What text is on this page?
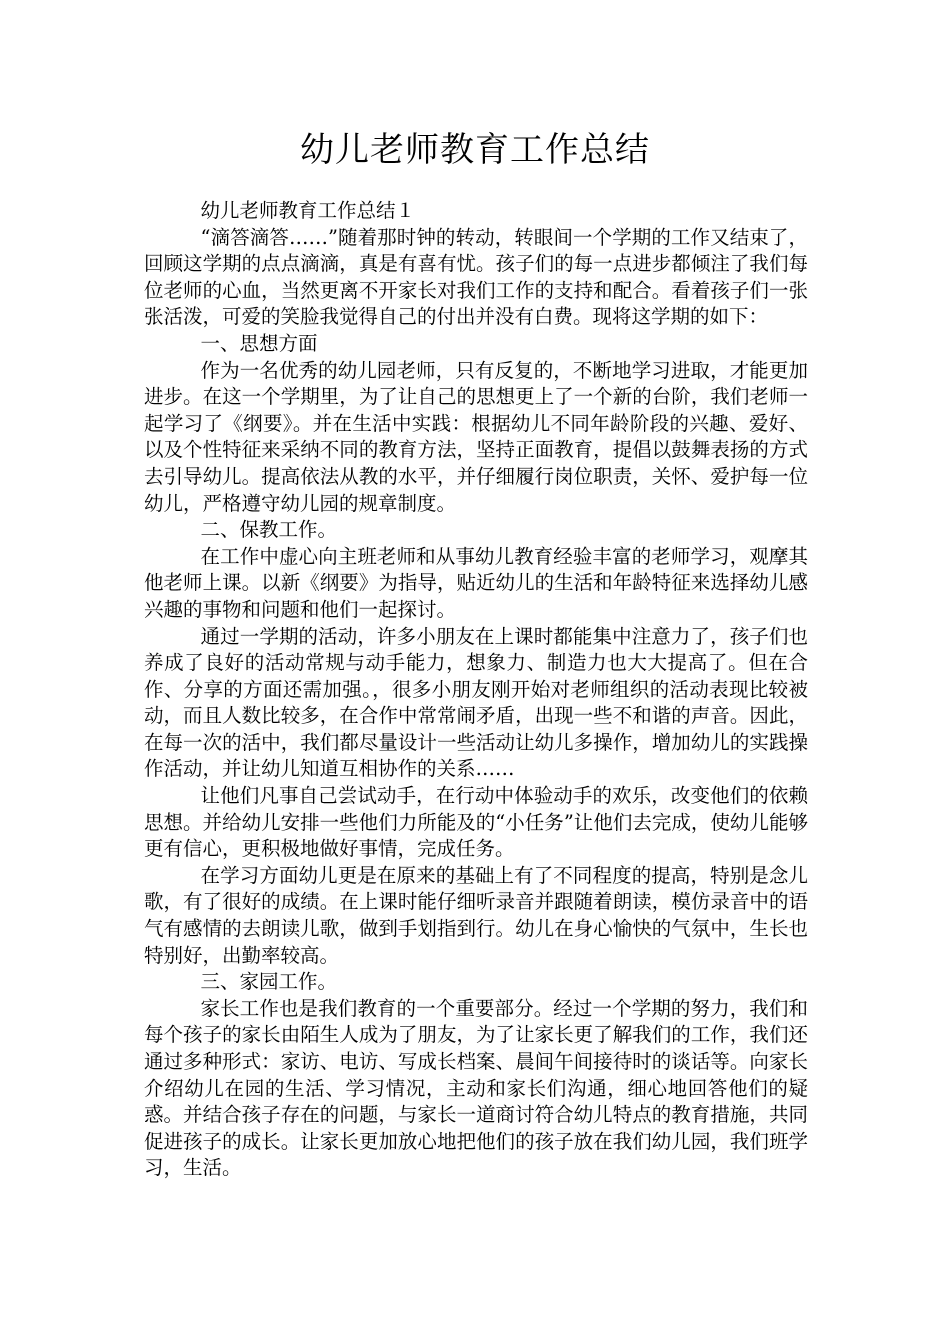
幼儿老师教育工作总结

幼儿老师教育工作总结１

“滴答滴答……”随着那时钟的转动，转眼间一个学期的工作又结束了，回顾这学期的点点滴滴，真是有喜有忧。孩子们的每一点进步都倾注了我们每位老师的心血，当然更离不开家长对我们工作的支持和配合。看着孩子们一张张活泼，可爱的笑脸我觉得自己的付出并没有白费。现将这学期的如下：

一、思想方面

作为一名优秀的幼儿园老师，只有反复的，不断地学习进取，才能更加进步。在这一个学期里，为了让自己的思想更上了一个新的台阶，我们老师一起学习了《纲要》。并在生活中实践：根据幼儿不同年龄阶段的兴趣、爱好、以及个性特征来采纳不同的教育方法，坚持正面教育，提倡以鼓舞表扬的方式去引导幼儿。提高依法从教的水平，并仔细履行岗位职责，关怀、爱护每一位幼儿，严格遵守幼儿园的规章制度。

二、保教工作。

在工作中虚心向主班老师和从事幼儿教育经验丰富的老师学习，观摩其他老师上课。以新《纲要》为指导，贴近幼儿的生活和年龄特征来选择幼儿感兴趣的事物和问题和他们一起探讨。

通过一学期的活动，许多小朋友在上课时都能集中注意力了，孩子们也养成了良好的活动常规与动手能力，想象力、制造力也大大提高了。但在合作、分享的方面还需加强。，很多小朋友刚开始对老师组织的活动表现比较被动，而且人数比较多，在合作中常常闹矛盾，出现一些不和谐的声音。因此，在每一次的活中，我们都尽量设计一些活动让幼儿多操作，增加幼儿的实践操作活动，并让幼儿知道互相协作的关系……

让他们凡事自己尝试动手，在行动中体验动手的欢乐，改变他们的依赖思想。并给幼儿安排一些他们力所能及的“小任务”让他们去完成，使幼儿能够更有信心，更积极地做好事情，完成任务。

在学习方面幼儿更是在原来的基础上有了不同程度的提高，特别是念儿歌，有了很好的成绩。在上课时能仔细听录音并跟随着朗读，模仿录音中的语气有感情的去朗读儿歌，做到手划指到行。幼儿在身心愉快的气氛中，生长也特别好，出勤率较高。

三、家园工作。

家长工作也是我们教育的一个重要部分。经过一个学期的努力，我们和每个孩子的家长由陌生人成为了朋友，为了让家长更了解我们的工作，我们还通过多种形式：家访、电访、写成长档案、晨间午间接待时的谈话等。向家长介绍幼儿在园的生活、学习情况，主动和家长们沟通，细心地回答他们的疑惑。并结合孩子存在的问题，与家长一道商讨符合幼儿特点的教育措施，共同促进孩子的成长。让家长更加放心地把他们的孩子放在我们幼儿园，我们班学习，生活。
